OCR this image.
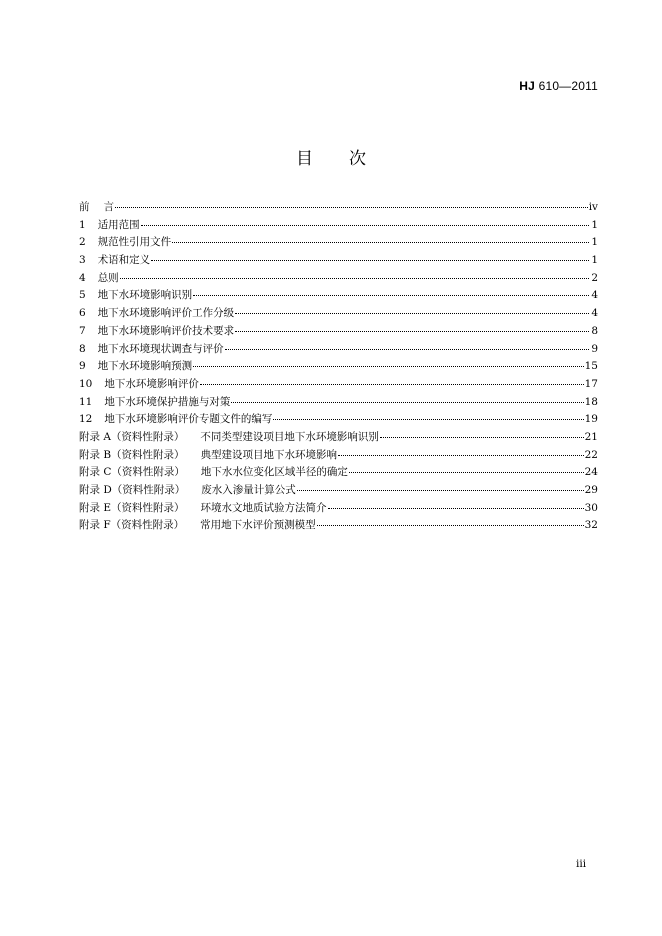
HJ 610—2011
目 次
前 言	iv
1 适用范围	1
2 规范性引用文件	1
3 术语和定义	1
4 总则	2
5 地下水环境影响识别	4
6 地下水环境影响评价工作分级	4
7 地下水环境影响评价技术要求	8
8 地下水环境现状调查与评价	9
9 地下水环境影响预测	15
10 地下水环境影响评价	17
11 地下水环境保护措施与对策	18
12 地下水环境影响评价专题文件的编写	19
附录 A（资料性附录） 不同类型建设项目地下水环境影响识别	21
附录 B（资料性附录） 典型建设项目地下水环境影响	22
附录 C（资料性附录） 地下水水位变化区域半径的确定	24
附录 D（资料性附录） 废水入渗量计算公式	29
附录 E（资料性附录） 环境水文地质试验方法简介	30
附录 F（资料性附录） 常用地下水评价预测模型	32
iii
